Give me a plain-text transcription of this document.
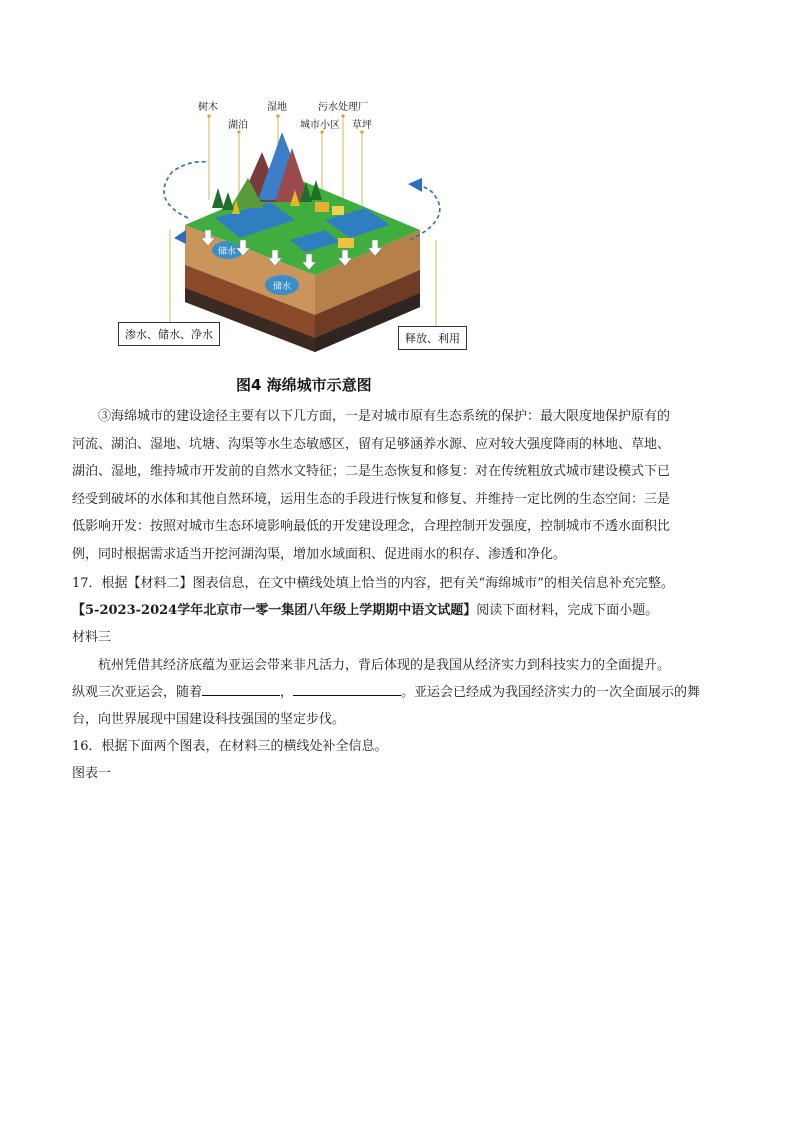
树木	湿地	污水处理厂
湖泊	城市小区 草坪
储水
储水
渗水、储水、净水	释放、利用
图4 海绵城市示意图
③海绵城市的建设途径主要有以下几方面，一是对城市原有生态系统的保护：最大限度地保护原有的
河流、湖泊、湿地、坑塘、沟渠等水生态敏感区，留有足够涵养水源、应对较大强度降雨的林地、草地、
湖泊、湿地，维持城市开发前的自然水文特征；二是生态恢复和修复：对在传统粗放式城市建设模式下已
经受到破坏的水体和其他自然环境，运用生态的手段进行恢复和修复、并维持一定比例的生态空间：三是
低影响开发：按照对城市生态环境影响最低的开发建设理念，合理控制开发强度，控制城市不透水面积比
例，同时根据需求适当开挖河湖沟渠，增加水域面积、促进雨水的积存、渗透和净化。
17．根据【材料二】图表信息，在文中横线处填上恰当的内容，把有关“海绵城市”的相关信息补充完整。
【5-2023-2024学年北京市一零一集团八年级上学期期中语文试题】阅读下面材料，完成下面小题。
材料三
杭州凭借其经济底蕴为亚运会带来非凡活力，背后体现的是我国从经济实力到科技实力的全面提升。
纵观三次亚运会，随着	，	。亚运会已经成为我国经济实力的一次全面展示的舞
台，向世界展现中国建设科技强国的坚定步伐。
16．根据下面两个图表，在材料三的横线处补全信息。
图表一
